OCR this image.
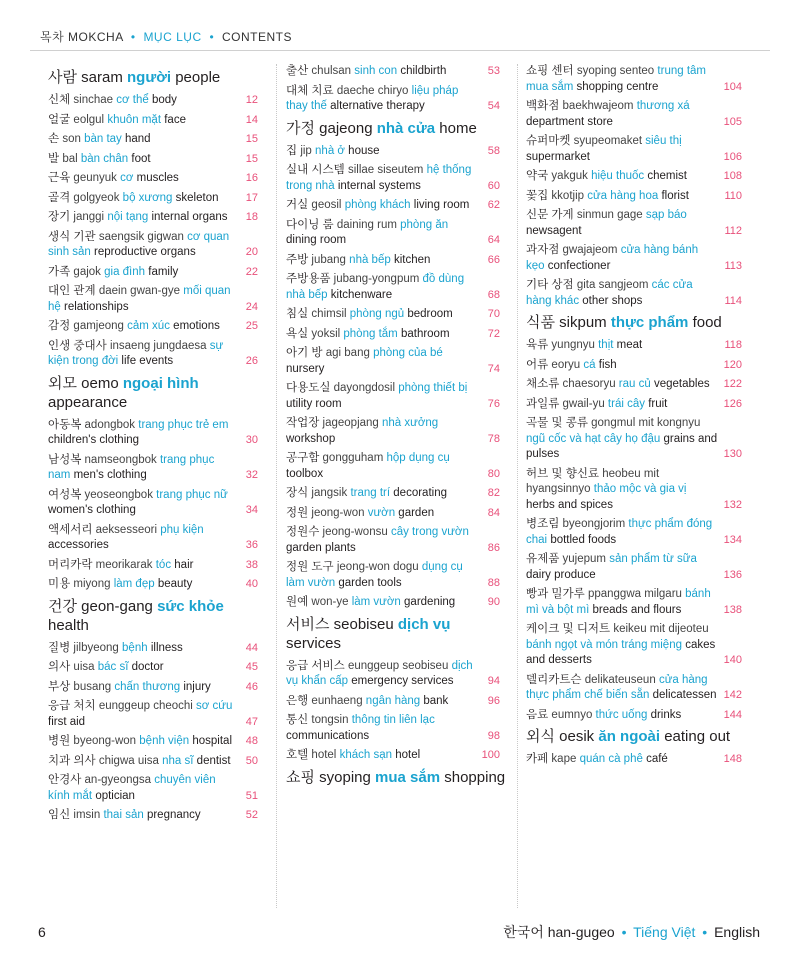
목차 MOKCHA • MỤC LỤC • CONTENTS
사람 saram người people
신체 sinchae cơ thể body	12
얼굴 eolgul khuôn mặt face	14
손 son bàn tay hand	15
발 bal bàn chân foot	15
근육 geunyuk cơ muscles	16
골격 golgyeok bộ xương skeleton 17
장기 janggi nội tạng internal organs 18
생식 기관 saengsik gigwan cơ quan sinh sản reproductive organs	20
가족 gajok gia đình family	22
대인 관계 daein gwan-gye mối quan hệ relationships	24
감정 gamjeong cảm xúc emotions 25
인생 중대사 insaeng jungdaesa sự kiện trong đời life events	26
외모 oemo ngoại hình appearance
아동복 adongbok trang phục trẻ em children's clothing	30
남성복 namseongbok trang phục nam men's clothing	32
여성복 yeoseongbok trang phục nữ women's clothing	34
액세서리 aeksesseori phụ kiện accessories	36
머리카락 meorikarak tóc hair	38
미용 miyong làm đẹp beauty	40
건강 geon-gang sức khỏe health
질병 jilbyeong bệnh illness	44
의사 uisa bác sĩ doctor	45
부상 busang chấn thương injury	46
응급 처치 eunggeup cheochi sơ cứu first aid	47
병원 byeong-won bệnh viện hospital 48
치과 의사 chigwa uisa nha sĩ dentist 50
안경사 an-gyeongsa chuyên viên kính mắt optician	51
임신 imsin thai sản pregnancy	52
출산 chulsan sinh con childbirth	53
대체 치료 daeche chiryo liệu pháp thay thế alternative therapy	54
가정 gajeong nhà cửa home
집 jip nhà ở house	58
실내 시스템 sillae siseutem hệ thống trong nhà internal systems	60
거실 geosil phòng khách living room 62
다이닝 룸 daining rum phòng ăn dining room	64
주방 jubang nhà bếp kitchen	66
주방용품 jubang-yongpum đồ dùng nhà bếp kitchenware	68
침실 chimsil phòng ngủ bedroom	70
욕실 yoksil phòng tắm bathroom	72
아기 방 agi bang phòng của bé nursery	74
다용도실 dayongdosil phòng thiết bị utility room	76
작업장 jageopjang nhà xưởng workshop	78
공구함 gongguham hộp dụng cụ toolbox	80
장식 jangsik trang trí decorating	82
정원 jeong-won vườn garden	84
정원수 jeong-wonsu cây trong vườn garden plants	86
정원 도구 jeong-won dogu dụng cụ làm vườn garden tools	88
원예 won-ye làm vườn gardening	90
서비스 seobiseu dịch vụ services
응급 서비스 eunggeup seobiseu dịch vụ khẩn cấp emergency services	94
은행 eunhaeng ngân hàng bank	96
통신 tongsin thông tin liên lạc communications	98
호텔 hotel khách sạn hotel	100
쇼핑 syoping mua sắm shopping
쇼핑 센터 syoping senteo trung tâm mua sắm shopping centre	104
백화점 baekhwajeom thương xá department store	105
슈퍼마켓 syupeomaket siêu thị supermarket	106
약국 yakguk hiệu thuốc chemist	108
꽃집 kkotjip cửa hàng hoa florist	110
신문 가게 sinmun gage sạp báo newsagent	112
과자점 gwajajeom cửa hàng bánh kẹo confectioner	113
기타 상점 gita sangjeom các cửa hàng khác other shops	114
식품 sikpum thực phẩm food
육류 yungnyu thịt meat	118
어류 eoryu cá fish	120
채소류 chaesoryu rau củ vegetables 122
과일류 gwail-yu trái cây fruit	126
곡물 및 콩류 gongmul mit kongnyu ngũ cốc và hạt cây họ đậu grains and pulses	130
허브 및 향신료 heobeu mit hyangsinnyo thảo mộc và gia vị herbs and spices	132
병조림 byeongjorim thực phẩm đóng chai bottled foods	134
유제품 yujepum sản phẩm từ sữa dairy produce	136
빵과 밀가루 ppanggwa milgaru bánh mì và bột mì breads and flours	138
케이크 및 디저트 keikeu mit dijeoteu bánh ngọt và món tráng miệng cakes and desserts	140
델리카트슨 delikateuseun cửa hàng thực phẩm chế biến sẵn delicatessen 142
음료 eumnyo thức uống drinks	144
외식 oesik ăn ngoài eating out
카페 kape quán cà phê café	148
6	한국어 han-gugeo • Tiếng Việt • English
